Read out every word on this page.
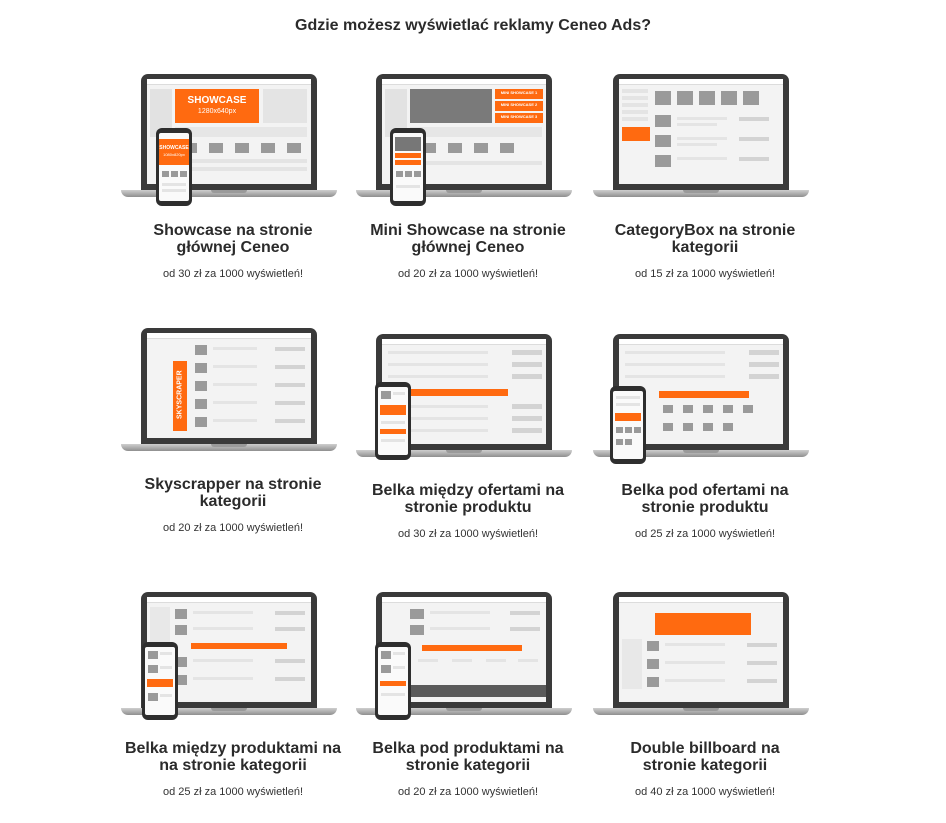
Gdzie możesz wyświetlać reklamy Ceneo Ads?
SHOWCASE
1280x640px
SHOWCASE
1080x820px
Showcase na stronie
głównej Ceneo
od 30 zł za 1000 wyświetleń!
MINI SHOWCASE 1
MINI SHOWCASE 2
MINI SHOWCASE 3
Mini Showcase na stronie
głównej Ceneo
od 20 zł za 1000 wyświetleń!
CategoryBox na stronie
kategorii
od 15 zł za 1000 wyświetleń!
SKYSCRAPER
Skyscrapper na stronie
kategorii
od 20 zł za 1000 wyświetleń!
Belka między ofertami na
stronie produktu
od 30 zł za 1000 wyświetleń!
Belka pod ofertami na
stronie produktu
od 25 zł za 1000 wyświetleń!
Belka między produktami na
na stronie kategorii
od 25 zł za 1000 wyświetleń!
Belka pod produktami na
stronie kategorii
od 20 zł za 1000 wyświetleń!
Double billboard na
stronie kategorii
od 40 zł za 1000 wyświetleń!
